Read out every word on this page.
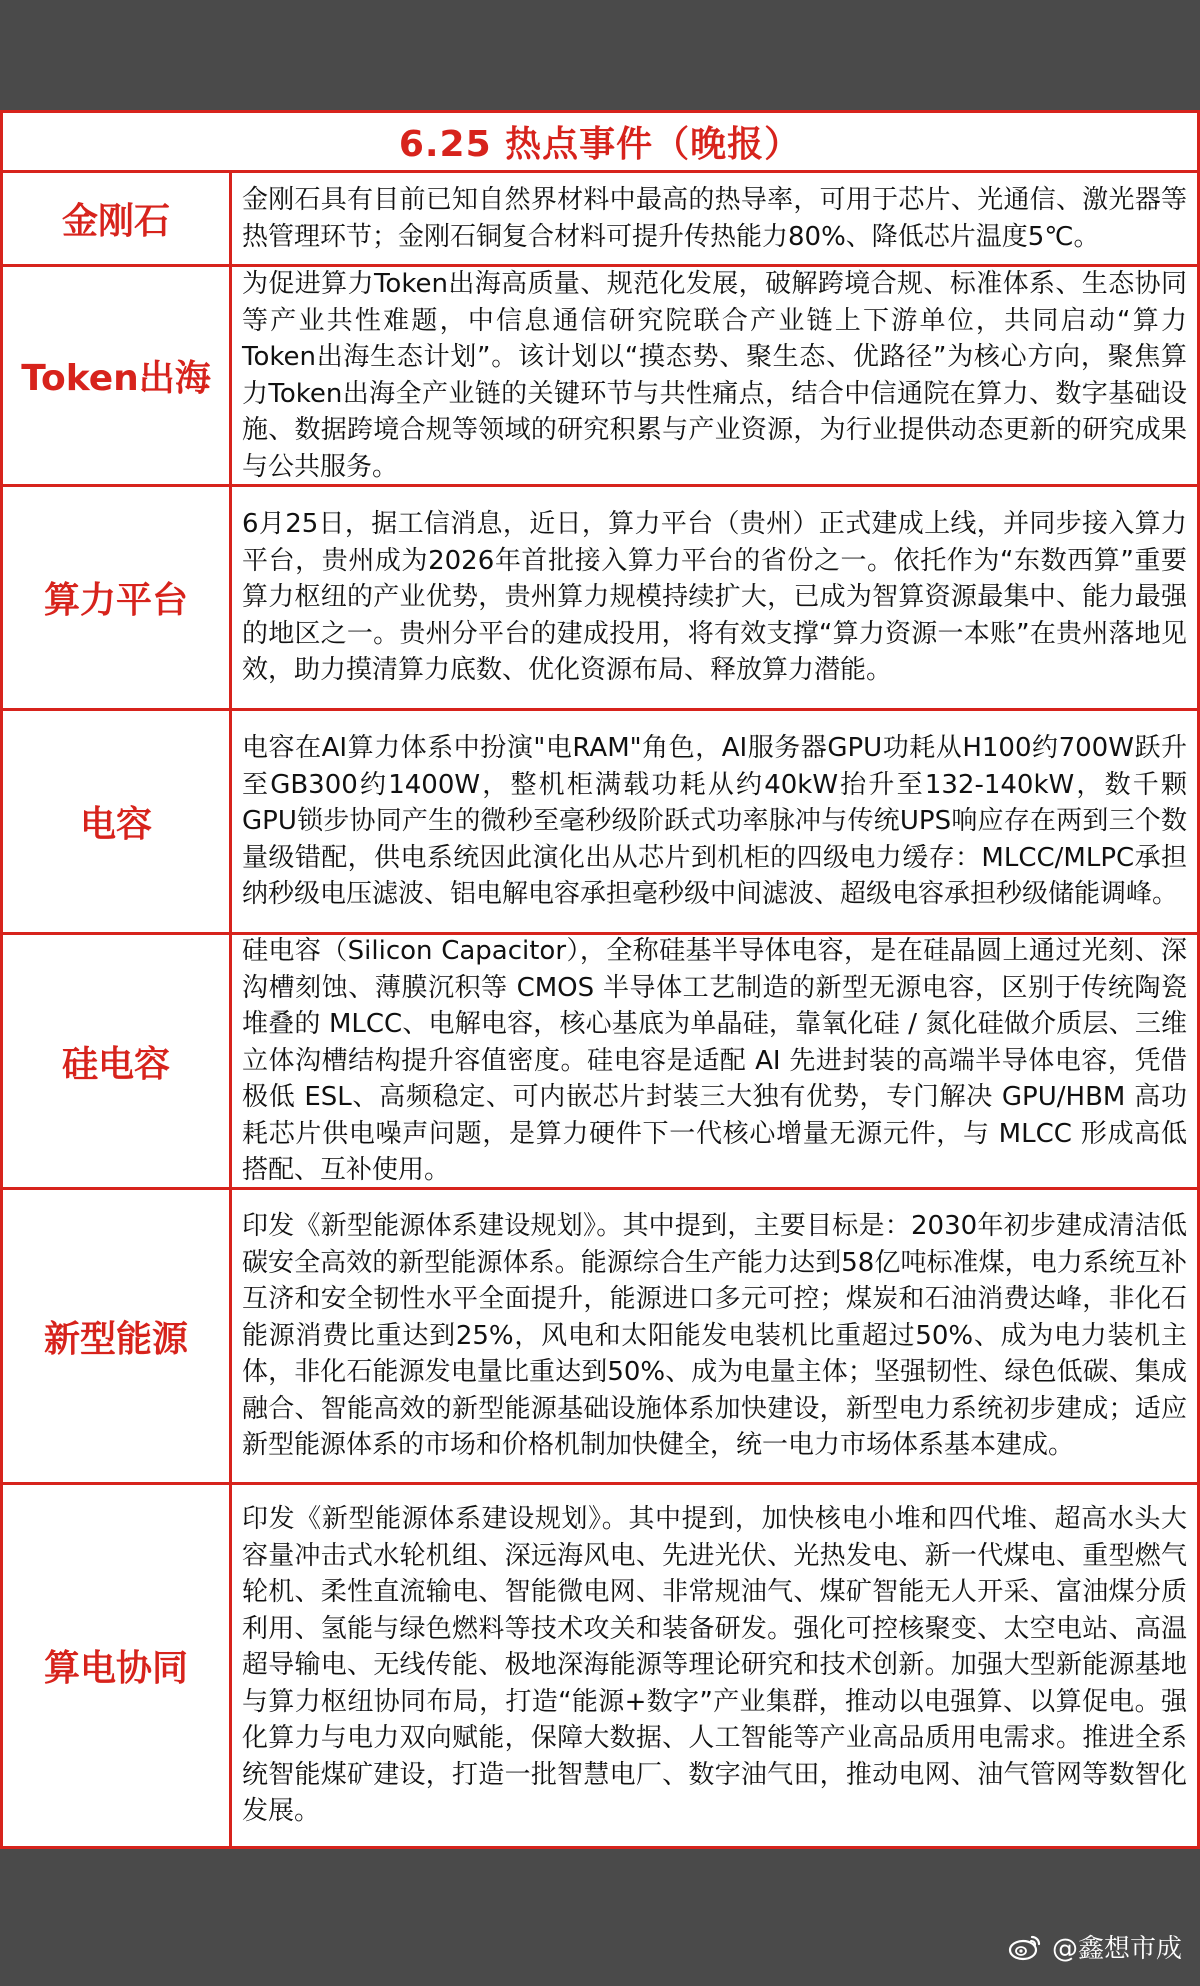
6.25 热点事件（晚报）
金刚石
金刚石具有目前已知自然界材料中最高的热导率，可用于芯片、光通信、激光器等热管理环节；金刚石铜复合材料可提升传热能力80%、降低芯片温度5℃。
Token出海
为促进算力Token出海高质量、规范化发展，破解跨境合规、标准体系、生态协同等产业共性难题，中信息通信研究院联合产业链上下游单位，共同启动“算力Token出海生态计划”。该计划以“摸态势、聚生态、优路径”为核心方向，聚焦算力Token出海全产业链的关键环节与共性痛点，结合中信通院在算力、数字基础设施、数据跨境合规等领域的研究积累与产业资源，为行业提供动态更新的研究成果与公共服务。
算力平台
6月25日，据工信消息，近日，算力平台（贵州）正式建成上线，并同步接入算力平台，贵州成为2026年首批接入算力平台的省份之一。依托作为“东数西算”重要算力枢纽的产业优势，贵州算力规模持续扩大，已成为智算资源最集中、能力最强的地区之一。贵州分平台的建成投用，将有效支撑“算力资源一本账”在贵州落地见效，助力摸清算力底数、优化资源布局、释放算力潜能。
电容
电容在AI算力体系中扮演"电RAM"角色，AI服务器GPU功耗从H100约700W跃升至GB300约1400W，整机柜满载功耗从约40kW抬升至132-140kW，数千颗GPU锁步协同产生的微秒至毫秒级阶跃式功率脉冲与传统UPS响应存在两到三个数量级错配，供电系统因此演化出从芯片到机柜的四级电力缓存：MLCC/MLPC承担纳秒级电压滤波、铝电解电容承担毫秒级中间滤波、超级电容承担秒级储能调峰。
硅电容
硅电容（Silicon Capacitor），全称硅基半导体电容，是在硅晶圆上通过光刻、深沟槽刻蚀、薄膜沉积等 CMOS 半导体工艺制造的新型无源电容，区别于传统陶瓷堆叠的 MLCC、电解电容，核心基底为单晶硅，靠氧化硅 / 氮化硅做介质层、三维立体沟槽结构提升容值密度。硅电容是适配 AI 先进封装的高端半导体电容，凭借极低 ESL、高频稳定、可内嵌芯片封装三大独有优势，专门解决 GPU/HBM 高功耗芯片供电噪声问题，是算力硬件下一代核心增量无源元件，与 MLCC 形成高低搭配、互补使用。
新型能源
印发《新型能源体系建设规划》。其中提到，主要目标是：2030年初步建成清洁低碳安全高效的新型能源体系。能源综合生产能力达到58亿吨标准煤，电力系统互补互济和安全韧性水平全面提升，能源进口多元可控；煤炭和石油消费达峰，非化石能源消费比重达到25%，风电和太阳能发电装机比重超过50%、成为电力装机主体，非化石能源发电量比重达到50%、成为电量主体；坚强韧性、绿色低碳、集成融合、智能高效的新型能源基础设施体系加快建设，新型电力系统初步建成；适应新型能源体系的市场和价格机制加快健全，统一电力市场体系基本建成。
算电协同
印发《新型能源体系建设规划》。其中提到，加快核电小堆和四代堆、超高水头大容量冲击式水轮机组、深远海风电、先进光伏、光热发电、新一代煤电、重型燃气轮机、柔性直流输电、智能微电网、非常规油气、煤矿智能无人开采、富油煤分质利用、氢能与绿色燃料等技术攻关和装备研发。强化可控核聚变、太空电站、高温超导输电、无线传能、极地深海能源等理论研究和技术创新。加强大型新能源基地与算力枢纽协同布局，打造“能源+数字”产业集群，推动以电强算、以算促电。强化算力与电力双向赋能，保障大数据、人工智能等产业高品质用电需求。推进全系统智能煤矿建设，打造一批智慧电厂、数字油气田，推动电网、油气管网等数智化发展。
@鑫想市成
